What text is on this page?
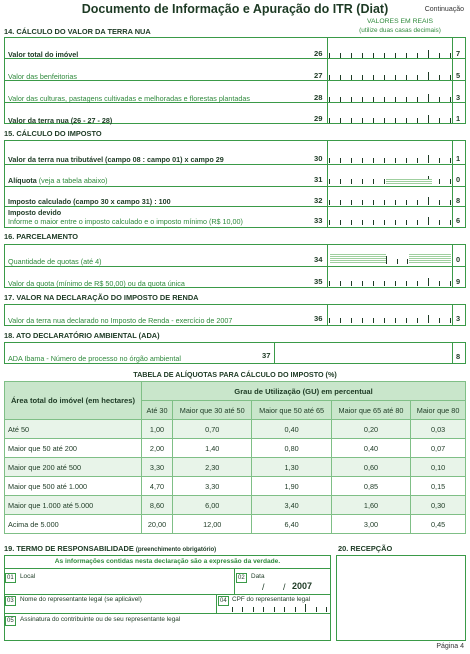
Documento de Informação e Apuração do ITR (Diat)	Continuação
14. CÁLCULO DO VALOR DA TERRA NUA
VALORES EM REAIS
(utilize duas casas decimais)
Valor total do imóvel	26	7
Valor das benfeitorias	27	5
Valor das culturas, pastagens cultivadas e melhoradas e florestas plantadas	28	3
Valor da terra nua (26 - 27 - 28)	29	1
15. CÁLCULO DO IMPOSTO
Valor da terra nua tributável (campo 08 : campo 01) x campo 29	30	1
Alíquota (veja a tabela abaixo)	31	0
Imposto calculado (campo 30 x campo 31) : 100	32	8
Imposto devido
Informe o maior entre o imposto calculado e o imposto mínimo (R$ 10,00)	33	6
16. PARCELAMENTO
Quantidade de quotas (até 4)	34	0
Valor da quota (mínimo de R$ 50,00) ou da quota única	35	9
17. VALOR NA DECLARAÇÃO DO IMPOSTO DE RENDA
Valor da terra nua declarado no Imposto de Renda - exercício de 2007	36	3
18. ATO DECLARATÓRIO AMBIENTAL (ADA)
ADA Ibama - Número de processo no órgão ambiental	37	8
TABELA DE ALÍQUOTAS PARA CÁLCULO DO IMPOSTO (%)
Área total do imóvel (em hectares)	Grau de Utilização (GU) em percentual				
	Até 30	Maior que 30 até 50	Maior que 50 até 65	Maior que 65 até 80	Maior que 80
Até 50	1,00	0,70	0,40	0,20	0,03
Maior que 50 até 200	2,00	1,40	0,80	0,40	0,07
Maior que 200 até 500	3,30	2,30	1,30	0,60	0,10
Maior que 500 até 1.000	4,70	3,30	1,90	0,85	0,15
Maior que 1.000 até 5.000	8,60	6,00	3,40	1,60	0,30
Acima de 5.000	20,00	12,00	6,40	3,00	0,45
19. TERMO DE RESPONSABILIDADE (preenchimento obrigatório)	20. RECEPÇÃO
As informações contidas nesta declaração são a expressão da verdade.
01 Local	02 Data
/ / 2007
03 Nome do representante legal (se aplicável)	04 CPF do representante legal
05 Assinatura do contribuinte ou de seu representante legal
Página 4
